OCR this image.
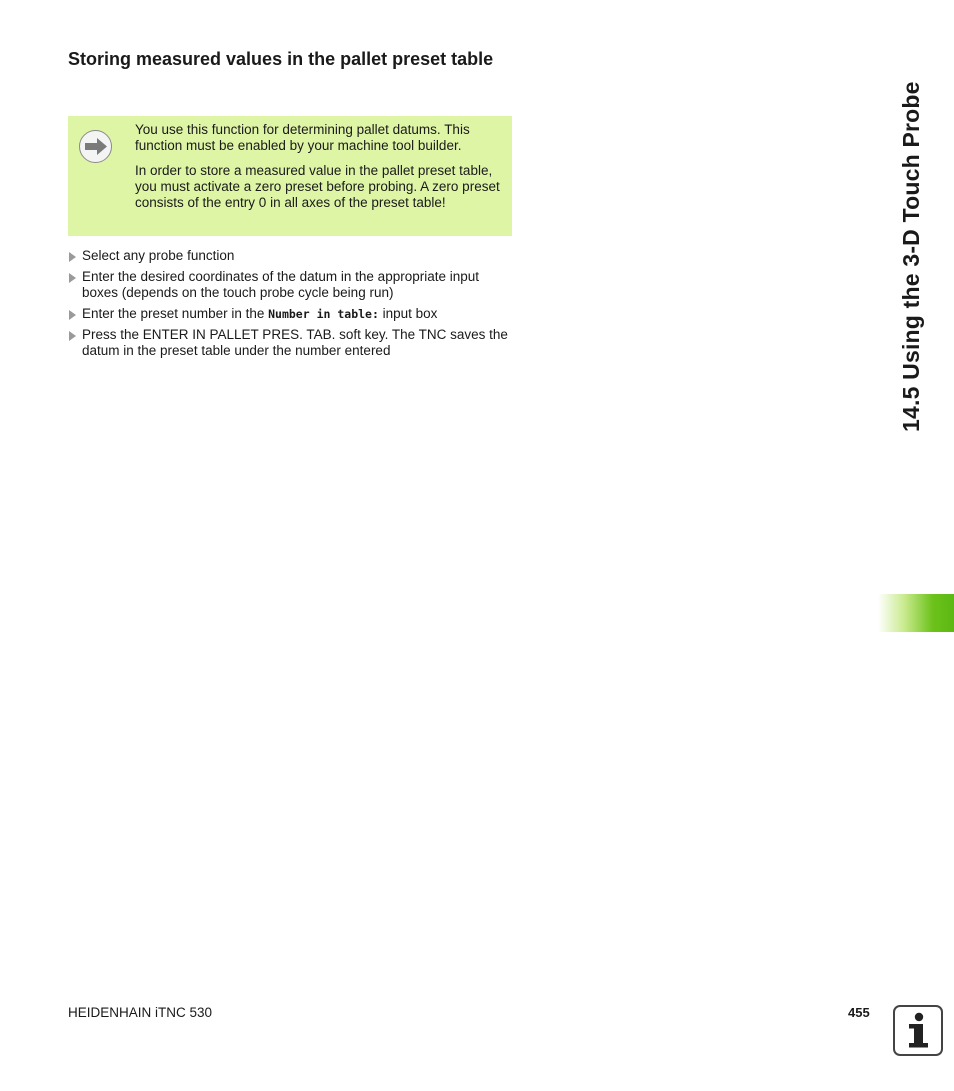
Storing measured values in the pallet preset table

You use this function for determining pallet datums. This function must be enabled by your machine tool builder.

In order to store a measured value in the pallet preset table, you must activate a zero preset before probing. A zero preset consists of the entry 0 in all axes of the preset table!

Select any probe function
Enter the desired coordinates of the datum in the appropriate input boxes (depends on the touch probe cycle being run)
Enter the preset number in the Number in table: input box
Press the ENTER IN PALLET PRES. TAB. soft key. The TNC saves the datum in the preset table under the number entered	14.5 Using the 3-D Touch Probe
HEIDENHAIN iTNC 530	455
